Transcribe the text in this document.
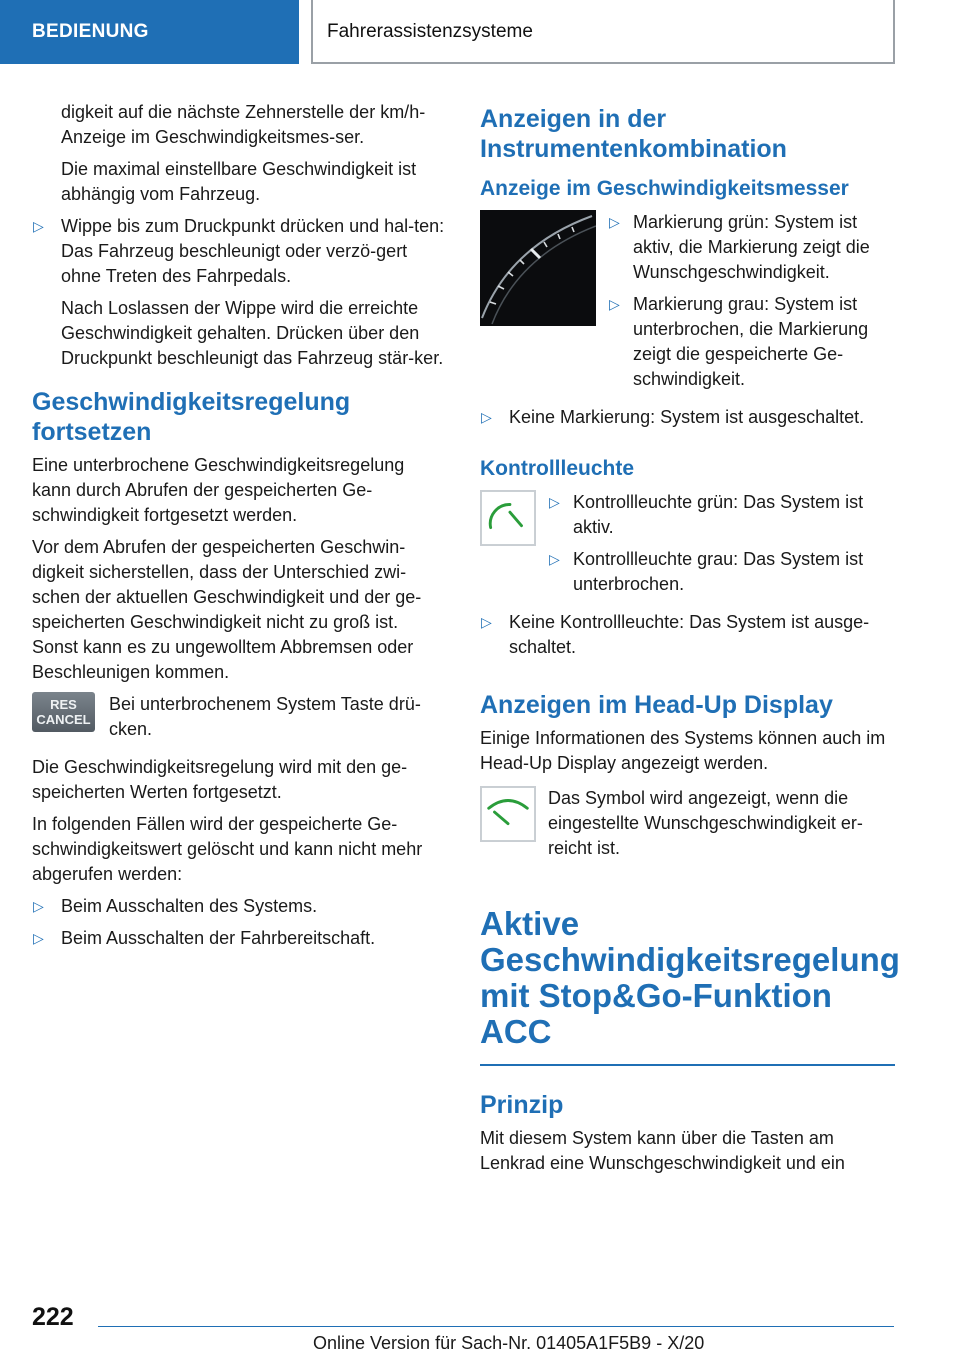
BEDIENUNG	Fahrerassistenzsysteme

digkeit auf die nächste Zehnerstelle der km/h-Anzeige im Geschwindigkeitsmes-ser.

Die maximal einstellbare Geschwindigkeit ist abhängig vom Fahrzeug.

▷ Wippe bis zum Druckpunkt drücken und hal-ten: Das Fahrzeug beschleunigt oder verzö-gert ohne Treten des Fahrpedals.

Nach Loslassen der Wippe wird die erreichte Geschwindigkeit gehalten. Drücken über den Druckpunkt beschleunigt das Fahrzeug stär-ker.

Geschwindigkeitsregelung fortsetzen

Eine unterbrochene Geschwindigkeitsregelung kann durch Abrufen der gespeicherten Ge-schwindigkeit fortgesetzt werden.

Vor dem Abrufen der gespeicherten Geschwin-digkeit sicherstellen, dass der Unterschied zwi-schen der aktuellen Geschwindigkeit und der ge-speicherten Geschwindigkeit nicht zu groß ist. Sonst kann es zu ungewolltem Abbremsen oder Beschleunigen kommen.

RES
CANCEL

Bei unterbrochenem System Taste drü-cken.

Die Geschwindigkeitsregelung wird mit den ge-speicherten Werten fortgesetzt.

In folgenden Fällen wird der gespeicherte Ge-schwindigkeitswert gelöscht und kann nicht mehr abgerufen werden:

▷ Beim Ausschalten des Systems.
▷ Beim Ausschalten der Fahrbereitschaft.
Anzeigen in der Instrumentenkombination
Anzeige im Geschwindigkeitsmesser
▷ Markierung grün: System ist aktiv, die Markierung zeigt die Wunschgeschwindigkeit.
▷ Markierung grau: System ist unterbrochen, die Markierung zeigt die gespeicherte Ge-schwindigkeit.
▷ Keine Markierung: System ist ausgeschaltet.
Kontrollleuchte
▷ Kontrollleuchte grün: Das System ist aktiv.
▷ Kontrollleuchte grau: Das System ist unterbrochen.
▷ Keine Kontrollleuchte: Das System ist ausge-schaltet.
Anzeigen im Head-Up Display

Einige Informationen des Systems können auch im Head-Up Display angezeigt werden.

Das Symbol wird angezeigt, wenn die eingestellte Wunschgeschwindigkeit er-reicht ist.

Aktive Geschwindigkeitsregelung mit Stop&Go-Funktion ACC
Prinzip

Mit diesem System kann über die Tasten am Lenkrad eine Wunschgeschwindigkeit und ein

222
Online Version für Sach-Nr. 01405A1F5B9 - X/20
